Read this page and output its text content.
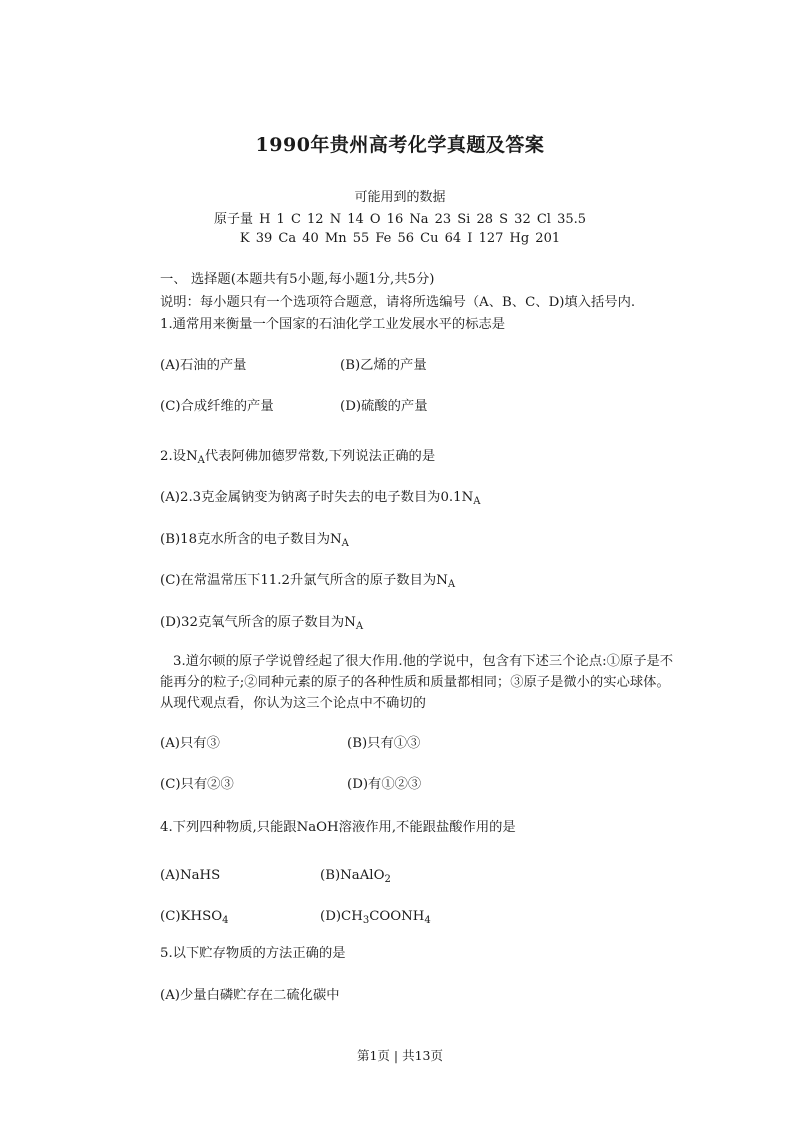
1990年贵州高考化学真题及答案
可能用到的数据
原子量 H 1 C 12 N 14 O 16 Na 23 Si 28 S 32 Cl 35.5
K 39 Ca 40 Mn 55 Fe 56 Cu 64 I 127 Hg 201
一、 选择题(本题共有5小题,每小题1分,共5分)
说明：每小题只有一个选项符合题意，请将所选编号（A、B、C、D)填入括号内.
1.通常用来衡量一个国家的石油化学工业发展水平的标志是
(A)石油的产量	(B)乙烯的产量
(C)合成纤维的产量	(D)硫酸的产量
2.设$N_A$代表阿佛加德罗常数,下列说法正确的是
(A)2.3克金属钠变为钠离子时失去的电子数目为$0.1N_A$
(B)18克水所含的电子数目为$N_A$
(C)在常温常压下11.2升氯气所含的原子数目为$N_A$
(D)32克氧气所含的原子数目为$N_A$
3.道尔顿的原子学说曾经起了很大作用.他的学说中，包含有下述三个论点:①原子是不能再分的粒子;②同种元素的原子的各种性质和质量都相同；③原子是微小的实心球体。从现代观点看，你认为这三个论点中不确切的
(A)只有③	(B)只有①③
(C)只有②③	(D)有①②③
4.下列四种物质,只能跟NaOH溶液作用,不能跟盐酸作用的是
(A)NaHS	(B)NaAlO$_2$
$(C)KHSO_4$	$(D)CH_3COONH_4$
5.以下贮存物质的方法正确的是
(A)少量白磷贮存在二硫化碳中
第1页 | 共13页
